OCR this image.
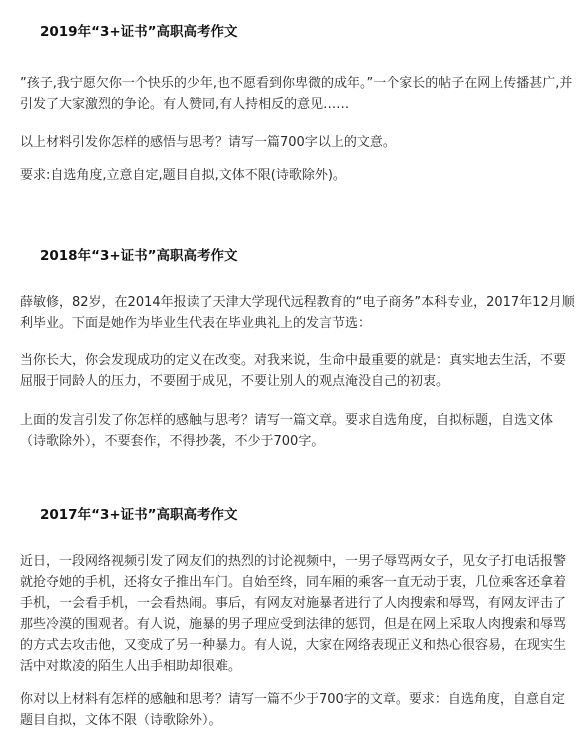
2019年“3+证书”高职高考作文

”孩子,我宁愿欠你一个快乐的少年,也不愿看到你卑微的成年。”一个家长的帖子在网上传播甚广,并引发了大家激烈的争论。有人赞同,有人持相反的意见……

以上材料引发你怎样的感悟与思考？请写一篇700字以上的文意。

要求:自选角度,立意自定,题目自拟,文体不限(诗歌除外)。

2018年“3+证书”高职高考作文

薛敏修，82岁，在2014年报读了天津大学现代远程教育的“电子商务”本科专业，2017年12月顺利毕业。下面是她作为毕业生代表在毕业典礼上的发言节选：

当你长大，你会发现成功的定义在改变。对我来说，生命中最重要的就是：真实地去生活，不要屈服于同龄人的压力，不要囿于成见，不要让别人的观点淹没自己的初衷。

上面的发言引发了你怎样的感触与思考？请写一篇文章。要求自选角度，自拟标题，自选文体（诗歌除外），不要套作，不得抄袭，不少于700字。

2017年“3+证书”高职高考作文

近日，一段网络视频引发了网友们的热烈的讨论视频中，一男子辱骂两女子，见女子打电话报警就抢夺她的手机，还将女子推出车门。自始至终，同车厢的乘客一直无动于衷，几位乘客还拿着手机，一会看手机，一会看热闹。事后，有网友对施暴者进行了人肉搜索和辱骂，有网友评击了那些冷漠的围观者。有人说，施暴的男子理应受到法律的惩罚，但是在网上采取人肉搜索和辱骂的方式去攻击他，又变成了另一种暴力。有人说，大家在网络表现正义和热心很容易，在现实生活中对欺凌的陌生人出手相助却很难。

你对以上材料有怎样的感触和思考？请写一篇不少于700字的文章。要求：自选角度，自意自定题目自拟，文体不限（诗歌除外）。
